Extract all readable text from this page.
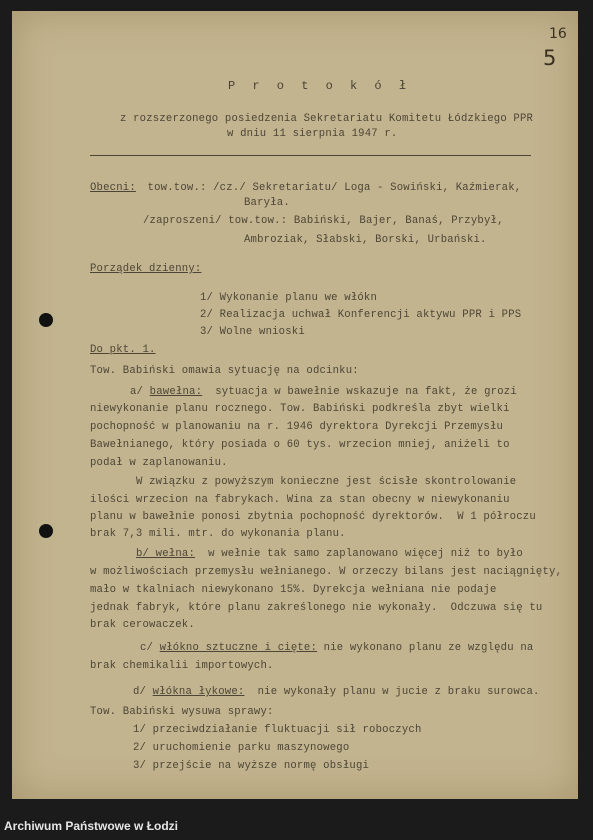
16
5
P r o t o k ó ł
z rozszerzonego posiedzenia Sekretariatu Komitetu Łódzkiego PPR
w dniu 11 sierpnia 1947 r.
Obecni: tow.tow.: /cz./ Sekretariatu/ Loga - Sowiński, Kaźmierak,
Baryła.
/zaproszeni/ tow.tow.: Babiński, Bajer, Banaś, Przybył,
Ambroziak, Słabski, Borski, Urbański.
Porządek dzienny:
1/ Wykonanie planu we włókn
2/ Realizacja uchwał Konferencji aktywu PPR i PPS
3/ Wolne wnioski
Do pkt. 1.
Tow. Babiński omawia sytuację na odcinku:
a/ bawełna:  sytuacja w bawełnie wskazuje na fakt, że grozi
niewykonanie planu rocznego. Tow. Babiński podkreśla zbyt wielki
pochopność w planowaniu na r. 1946 dyrektora Dyrekcji Przemysłu
Bawełnianego, który posiada o 60 tys. wrzecion mniej, aniżeli to
podał w zaplanowaniu.
W związku z powyższym konieczne jest ścisłe skontrolowanie
ilości wrzecion na fabrykach. Wina za stan obecny w niewykonaniu
planu w bawełnie ponosi zbytnia pochopność dyrektorów.  W 1 półroczu
brak 7,3 mili. mtr. do wykonania planu.
b/ wełna:  w wełnie tak samo zaplanowano więcej niż to było
w możliwościach przemysłu wełnianego. W orzeczy bilans jest naciągnięty,
mało w tkalniach niewykonano 15%. Dyrekcja wełniana nie podaje
jednak fabryk, które planu zakreślonego nie wykonały.  Odczuwa się tu
brak cerowaczek.
c/ włókno sztuczne i cięte: nie wykonano planu ze względu na
brak chemikalii importowych.
d/ włókna łykowe:  nie wykonały planu w jucie z braku surowca.
Tow. Babiński wysuwa sprawy:
1/ przeciwdziałanie fluktuacji sił roboczych
2/ uruchomienie parku maszynowego
3/ przejście na wyższe normę obsługi
Archiwum Państwowe w Łodzi
